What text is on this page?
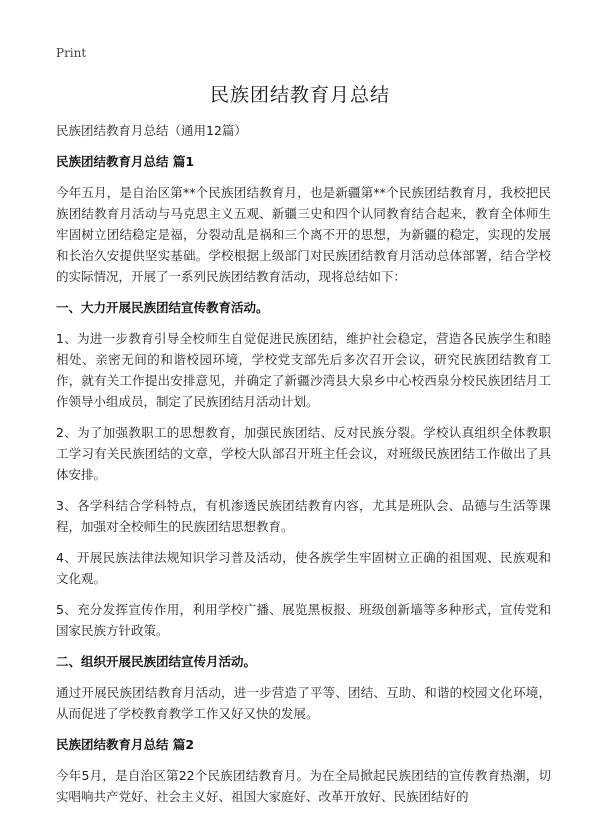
Print
民族团结教育月总结

民族团结教育月总结（通用12篇）

民族团结教育月总结 篇1

今年五月，是自治区第**个民族团结教育月，也是新疆第**个民族团结教育月，我校把民族团结教育月活动与马克思主义五观、新疆三史和四个认同教育结合起来，教育全体师生牢固树立团结稳定是福，分裂动乱是祸和三个离不开的思想，为新疆的稳定，实现的发展和长治久安提供坚实基础。学校根据上级部门对民族团结教育月活动总体部署，结合学校的实际情况，开展了一系列民族团结教育活动，现将总结如下：

一、大力开展民族团结宣传教育活动。

1、为进一步教育引导全校师生自觉促进民族团结，维护社会稳定，营造各民族学生和睦相处、亲密无间的和谐校园环境，学校党支部先后多次召开会议，研究民族团结教育工作，就有关工作提出安排意见，并确定了新疆沙湾县大泉乡中心校西泉分校民族团结月工作领导小组成员，制定了民族团结月活动计划。

2、为了加强教职工的思想教育，加强民族团结、反对民族分裂。学校认真组织全体教职工学习有关民族团结的文章，学校大队部召开班主任会议，对班级民族团结工作做出了具体安排。

3、各学科结合学科特点，有机渗透民族团结教育内容，尤其是班队会、品德与生活等课程，加强对全校师生的民族团结思想教育。

4、开展民族法律法规知识学习普及活动，使各族学生牢固树立正确的祖国观、民族观和文化观。

5、充分发挥宣传作用，利用学校广播、展览黑板报、班级创新墙等多种形式，宣传党和国家民族方针政策。

二、组织开展民族团结宣传月活动。

通过开展民族团结教育月活动，进一步营造了平等、团结、互助、和谐的校园文化环境，从而促进了学校教育教学工作又好又快的发展。

民族团结教育月总结 篇2

今年5月，是自治区第22个民族团结教育月。为在全局掀起民族团结的宣传教育热潮，切实唱响共产党好、社会主义好、祖国大家庭好、改革开放好、民族团结好的
